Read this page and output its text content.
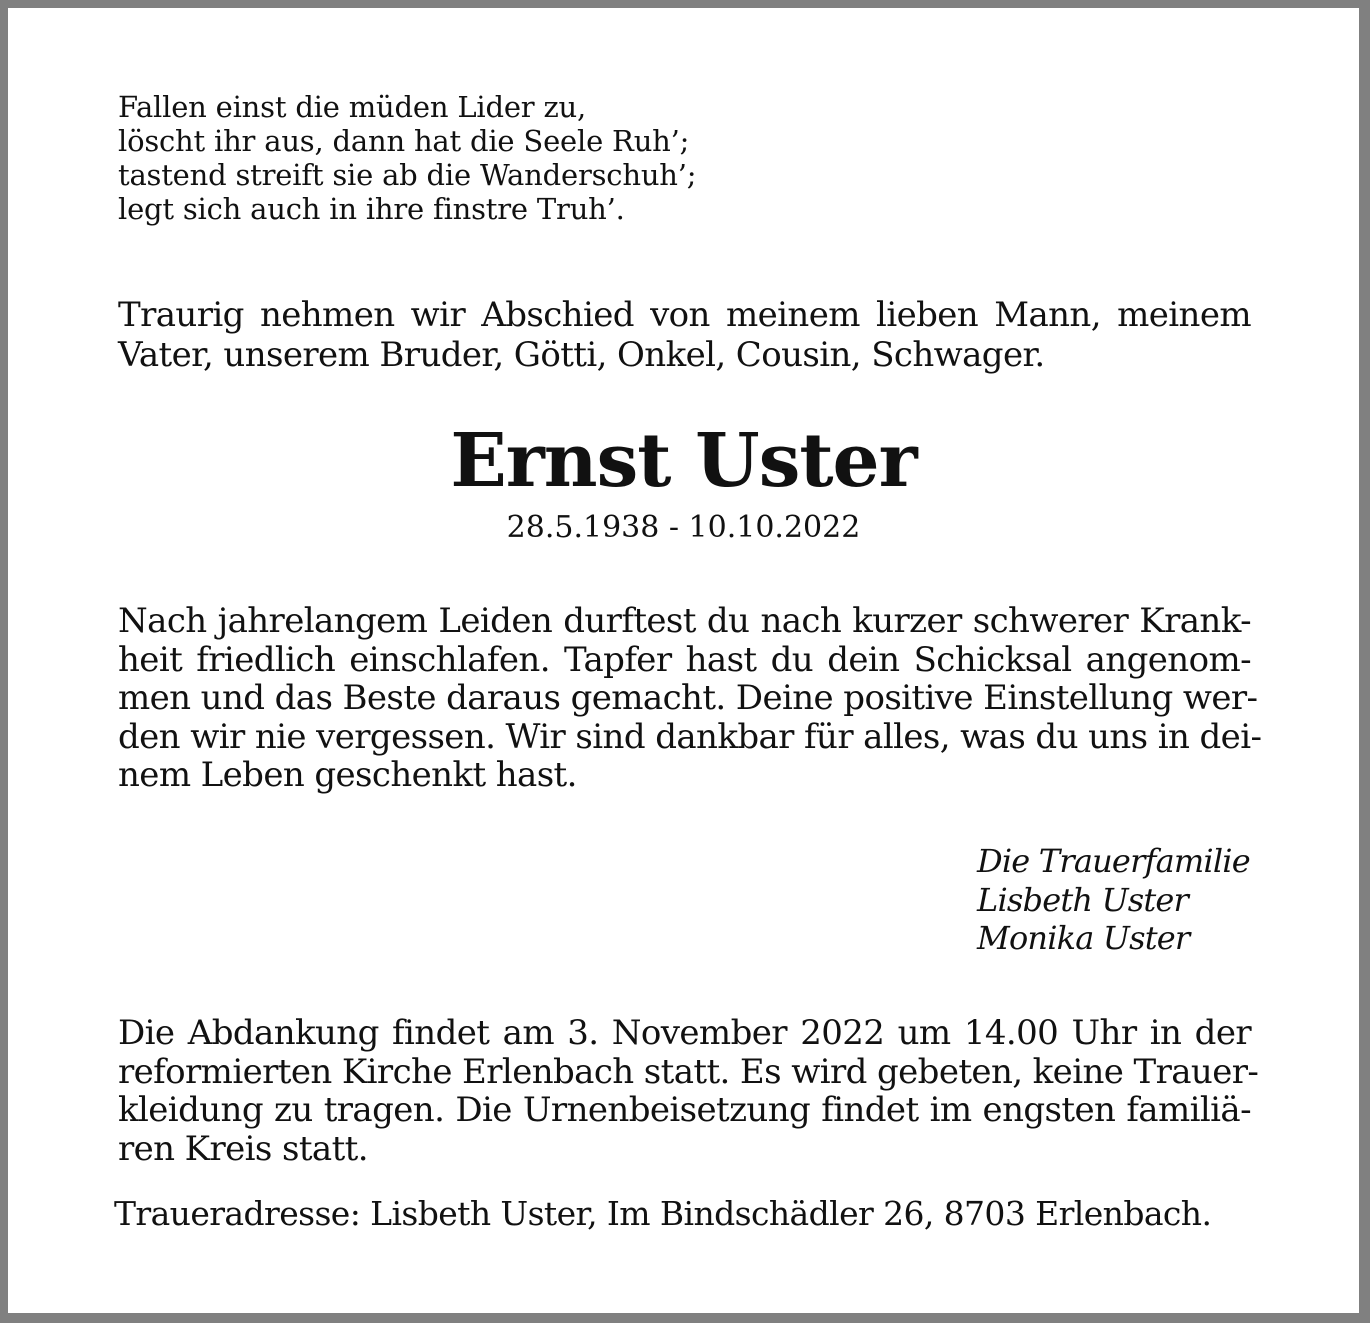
Fallen einst die müden Lider zu,
löscht ihr aus, dann hat die Seele Ruh’;
tastend streift sie ab die Wanderschuh’;
legt sich auch in ihre finstre Truh’.
Traurig nehmen wir Abschied von meinem lieben Mann, meinem
Vater, unserem Bruder, Götti, Onkel, Cousin, Schwager.
Ernst Uster
28.5.1938 - 10.10.2022
Nach jahrelangem Leiden durftest du nach kurzer schwerer Krank-
heit friedlich einschlafen. Tapfer hast du dein Schicksal angenom-
men und das Beste daraus gemacht. Deine positive Einstellung wer-
den wir nie vergessen. Wir sind dankbar für alles, was du uns in dei-
nem Leben geschenkt hast.
Die Trauerfamilie
Lisbeth Uster
Monika Uster
Die Abdankung findet am 3. November 2022 um 14.00 Uhr in der
reformierten Kirche Erlenbach statt. Es wird gebeten, keine Trauer-
kleidung zu tragen. Die Urnenbeisetzung findet im engsten familiä-
ren Kreis statt.
Traueradresse: Lisbeth Uster, Im Bindschädler 26, 8703 Erlenbach.
